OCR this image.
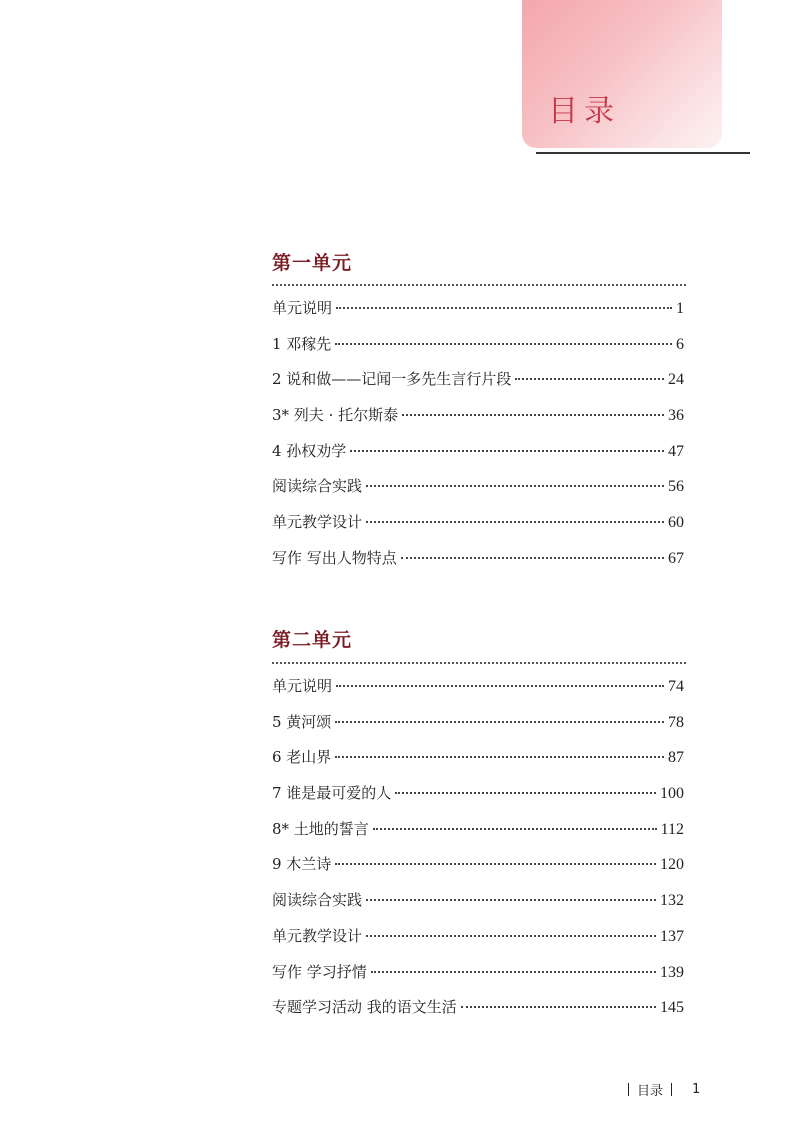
目录
第一单元
单元说明	1
1 邓稼先	6
2 说和做——记闻一多先生言行片段	24
3* 列夫 · 托尔斯泰	36
4 孙权劝学	47
阅读综合实践	56
单元教学设计	60
写作 写出人物特点	67
第二单元
单元说明	74
5 黄河颂	78
6 老山界	87
7 谁是最可爱的人	100
8* 土地的誓言	112
9 木兰诗	120
阅读综合实践	132
单元教学设计	137
写作 学习抒情	139
专题学习活动 我的语文生活	145
目录 1
